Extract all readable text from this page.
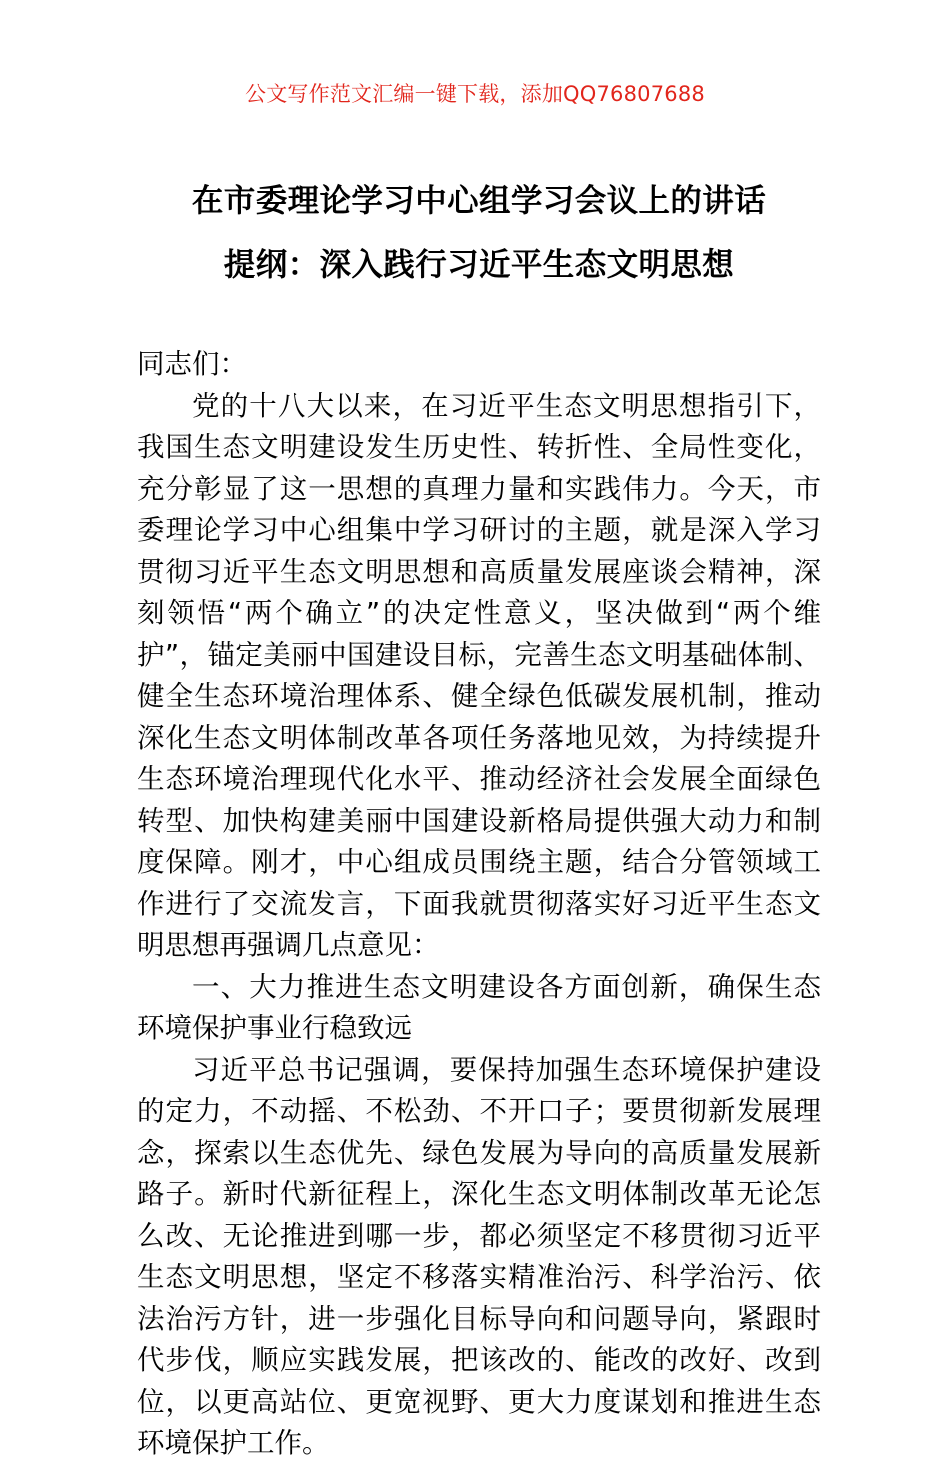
公文写作范文汇编一键下载，添加QQ76807688
在市委理论学习中心组学习会议上的讲话
提纲：深入践行习近平生态文明思想

同志们：

党的十八大以来，在习近平生态文明思想指引下，我国生态文明建设发生历史性、转折性、全局性变化，充分彰显了这一思想的真理力量和实践伟力。今天，市委理论学习中心组集中学习研讨的主题，就是深入学习贯彻习近平生态文明思想和高质量发展座谈会精神，深刻领悟“两个确立”的决定性意义，坚决做到“两个维护”，锚定美丽中国建设目标，完善生态文明基础体制、健全生态环境治理体系、健全绿色低碳发展机制，推动深化生态文明体制改革各项任务落地见效，为持续提升生态环境治理现代化水平、推动经济社会发展全面绿色转型、加快构建美丽中国建设新格局提供强大动力和制度保障。刚才，中心组成员围绕主题，结合分管领域工作进行了交流发言，下面我就贯彻落实好习近平生态文明思想再强调几点意见：

一、大力推进生态文明建设各方面创新，确保生态环境保护事业行稳致远

习近平总书记强调，要保持加强生态环境保护建设的定力，不动摇、不松劲、不开口子；要贯彻新发展理念，探索以生态优先、绿色发展为导向的高质量发展新路子。新时代新征程上，深化生态文明体制改革无论怎么改、无论推进到哪一步，都必须坚定不移贯彻习近平生态文明思想，坚定不移落实精准治污、科学治污、依法治污方针，进一步强化目标导向和问题导向，紧跟时代步伐，顺应实践发展，把该改的、能改的改好、改到位，以更高站位、更宽视野、更大力度谋划和推进生态环境保护工作。
